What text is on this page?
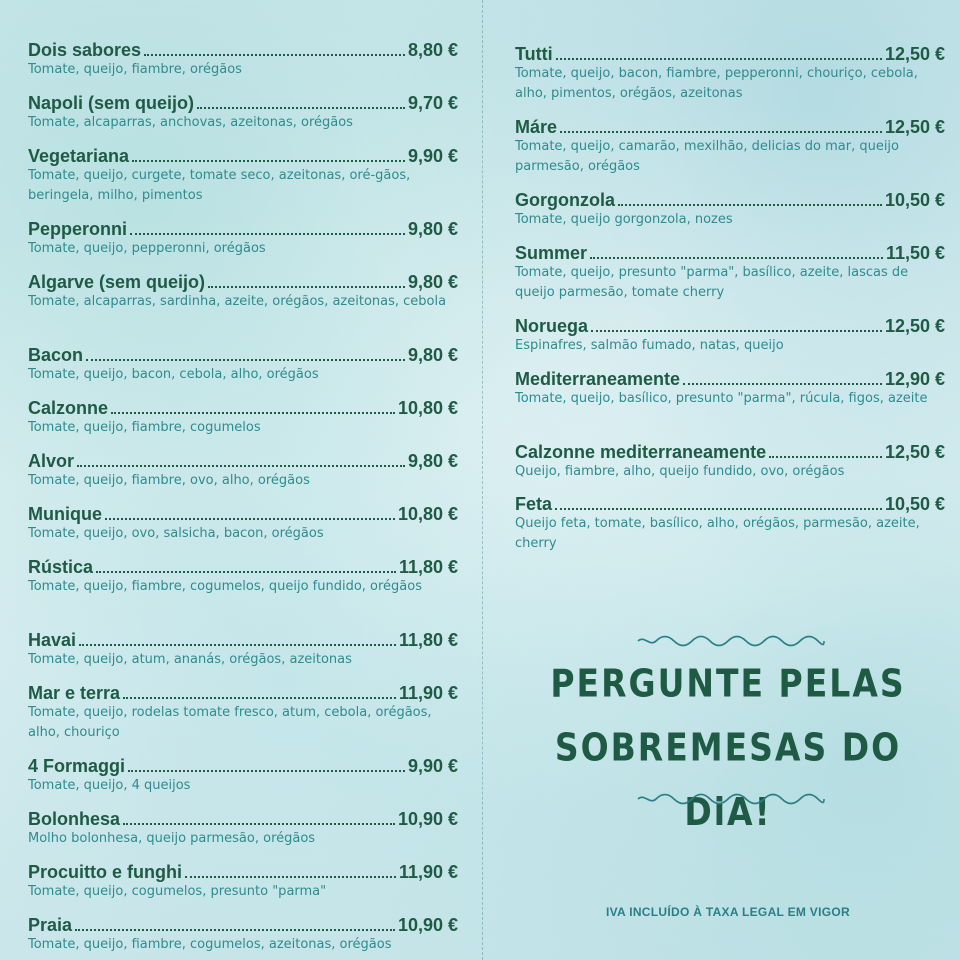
Dois sabores	8,80 €
Tomate, queijo, fiambre, orégãos
Napoli (sem queijo)	9,70 €
Tomate, alcaparras, anchovas, azeitonas, orégãos
Vegetariana	9,90 €
Tomate, queijo, curgete, tomate seco, azeitonas, oré-gãos, beringela, milho, pimentos
Pepperonni	9,80 €
Tomate, queijo, pepperonni, orégãos
Algarve (sem queijo)	9,80 €
Tomate, alcaparras, sardinha, azeite, orégãos, azeitonas, cebola
Bacon	9,80 €
Tomate, queijo, bacon, cebola, alho, orégãos
Calzonne	10,80 €
Tomate, queijo, fiambre, cogumelos
Alvor	9,80 €
Tomate, queijo, fiambre, ovo, alho, orégãos
Munique	10,80 €
Tomate, queijo, ovo, salsicha, bacon, orégãos
Rústica	11,80 €
Tomate, queijo, fiambre, cogumelos, queijo fundido, orégãos
Havai	11,80 €
Tomate, queijo, atum, ananás, orégãos, azeitonas
Mar e terra	11,90 €
Tomate, queijo, rodelas tomate fresco, atum, cebola, orégãos, alho, chouriço
4 Formaggi	9,90 €
Tomate, queijo, 4 queijos
Bolonhesa	10,90 €
Molho bolonhesa, queijo parmesão, orégãos
Procuitto e funghi	11,90 €
Tomate, queijo, cogumelos, presunto "parma"
Praia	10,90 €
Tomate, queijo, fiambre, cogumelos, azeitonas, orégãos
Tutti	12,50 €
Tomate, queijo, bacon, fiambre, pepperonni, chouriço, cebola, alho, pimentos, orégãos, azeitonas
Máre	12,50 €
Tomate, queijo, camarão, mexilhão, delicias do mar, queijo parmesão, orégãos
Gorgonzola	10,50 €
Tomate, queijo gorgonzola, nozes
Summer	11,50 €
Tomate, queijo, presunto "parma", basílico, azeite, lascas de queijo parmesão, tomate cherry
Noruega	12,50 €
Espinafres, salmão fumado, natas, queijo
Mediterraneamente	12,90 €
Tomate, queijo, basílico, presunto "parma", rúcula, figos, azeite
Calzonne mediterraneamente	12,50 €
Queijo, fiambre, alho, queijo fundido, ovo, orégãos
Feta	10,50 €
Queijo feta, tomate, basílico, alho, orégãos, parmesão, azeite, cherry
PERGUNTE PELAS
SOBREMESAS DO DiA!
IVA INCLUÍDO À TAXA LEGAL EM VIGOR
